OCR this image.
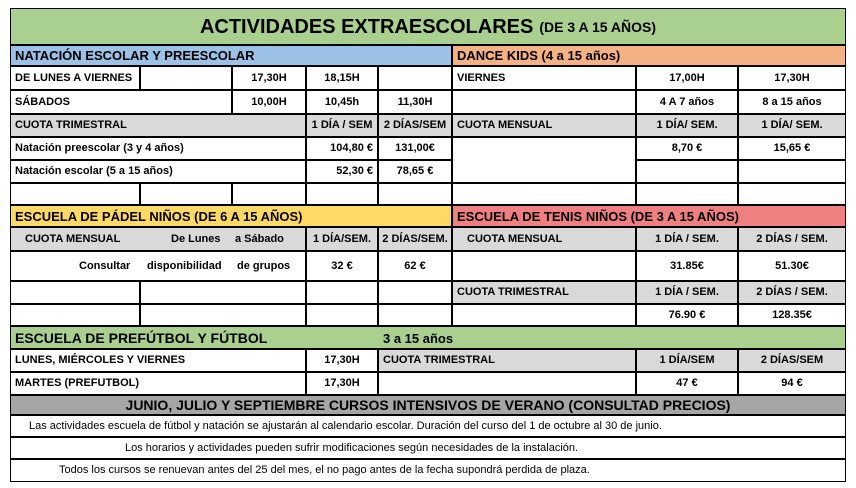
ACTIVIDADES EXTRAESCOLARES (DE 3 A 15 AÑOS)
NATACIÓN ESCOLAR Y PREESCOLAR
DE LUNES A VIERNES	17,30H	18,15H
SÁBADOS	10,00H	10,45h	11,30H
CUOTA TRIMESTRAL	1 DÍA / SEM	2 DÍAS/SEM
Natación preescolar (3 y 4 años)	104,80 €	131,00€
Natación escolar (5 a 15 años)	52,30 €	78,65 €
DANCE KIDS (4 a 15 años)
VIERNES	17,00H	17,30H
4 A 7 años	8 a 15 años
CUOTA MENSUAL	1 DÍA/ SEM.	1 DÍA/ SEM.
8,70 €	15,65 €
ESCUELA DE PÁDEL NIÑOS (DE 6 A 15 AÑOS)
CUOTA MENSUAL	De Lunes a Sábado	1 DÍA/SEM.	2 DÍAS/SEM.
Consultar disponibilidad de grupos	32 €	62 €
ESCUELA DE TENIS NIÑOS (DE 3 A 15 AÑOS)
CUOTA MENSUAL	1 DÍA / SEM.	2 DÍAS / SEM.
31.85€	51.30€
CUOTA TRIMESTRAL	1 DÍA / SEM.	2 DÍAS / SEM.
76.90 €	128.35€
ESCUELA DE PREFÚTBOL Y FÚTBOL	3 a 15 años
LUNES, MIÉRCOLES Y VIERNES	17,30H	CUOTA TRIMESTRAL	1 DÍA/SEM	2 DÍAS/SEM
MARTES (PREFUTBOL)	17,30H	47 €	94 €
JUNIO, JULIO Y SEPTIEMBRE CURSOS INTENSIVOS DE VERANO (CONSULTAD PRECIOS)
Las actividades escuela de fútbol y natación se ajustarán al calendario escolar. Duración del curso del 1 de octubre al 30 de junio.
Los horarios y actividades pueden sufrir modificaciones según necesidades de la instalación.
Todos los cursos se renuevan antes del 25 del mes, el no pago antes de la fecha supondrá perdida de plaza.
